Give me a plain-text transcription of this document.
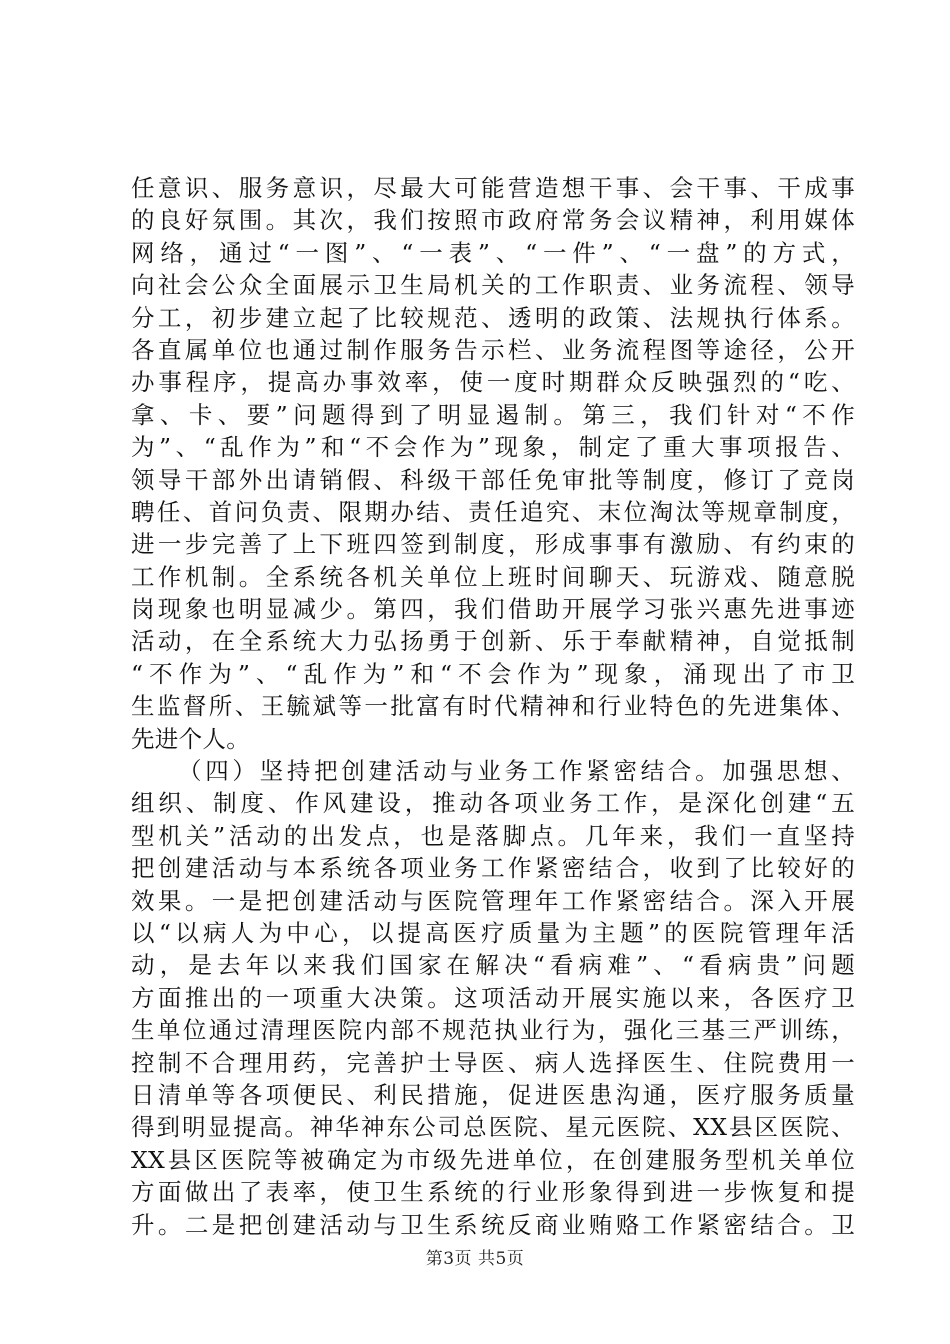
任意识、服务意识，尽最大可能营造想干事、会干事、干成事
的良好氛围。其次，我们按照市政府常务会议精神，利用媒体
网络，通过“一图”、“一表”、“一件”、“一盘”的方式，
向社会公众全面展示卫生局机关的工作职责、业务流程、领导
分工，初步建立起了比较规范、透明的政策、法规执行体系。
各直属单位也通过制作服务告示栏、业务流程图等途径，公开
办事程序，提高办事效率，使一度时期群众反映强烈的“吃、
拿、卡、要”问题得到了明显遏制。第三，我们针对“不作
为”、“乱作为”和“不会作为”现象，制定了重大事项报告、
领导干部外出请销假、科级干部任免审批等制度，修订了竞岗
聘任、首问负责、限期办结、责任追究、末位淘汰等规章制度，
进一步完善了上下班四签到制度，形成事事有激励、有约束的
工作机制。全系统各机关单位上班时间聊天、玩游戏、随意脱
岗现象也明显减少。第四，我们借助开展学习张兴惠先进事迹
活动，在全系统大力弘扬勇于创新、乐于奉献精神，自觉抵制
“不作为”、“乱作为”和“不会作为”现象，涌现出了市卫
生监督所、王毓斌等一批富有时代精神和行业特色的先进集体、
先进个人。
（四）坚持把创建活动与业务工作紧密结合。加强思想、
组织、制度、作风建设，推动各项业务工作，是深化创建“五
型机关”活动的出发点，也是落脚点。几年来，我们一直坚持
把创建活动与本系统各项业务工作紧密结合，收到了比较好的
效果。一是把创建活动与医院管理年工作紧密结合。深入开展
以“以病人为中心，以提高医疗质量为主题”的医院管理年活
动，是去年以来我们国家在解决“看病难”、“看病贵”问题
方面推出的一项重大决策。这项活动开展实施以来，各医疗卫
生单位通过清理医院内部不规范执业行为，强化三基三严训练，
控制不合理用药，完善护士导医、病人选择医生、住院费用一
日清单等各项便民、利民措施，促进医患沟通，医疗服务质量
得到明显提高。神华神东公司总医院、星元医院、XX县区医院、
XX县区医院等被确定为市级先进单位，在创建服务型机关单位
方面做出了表率，使卫生系统的行业形象得到进一步恢复和提
升。二是把创建活动与卫生系统反商业贿赂工作紧密结合。卫
第3页 共5页
